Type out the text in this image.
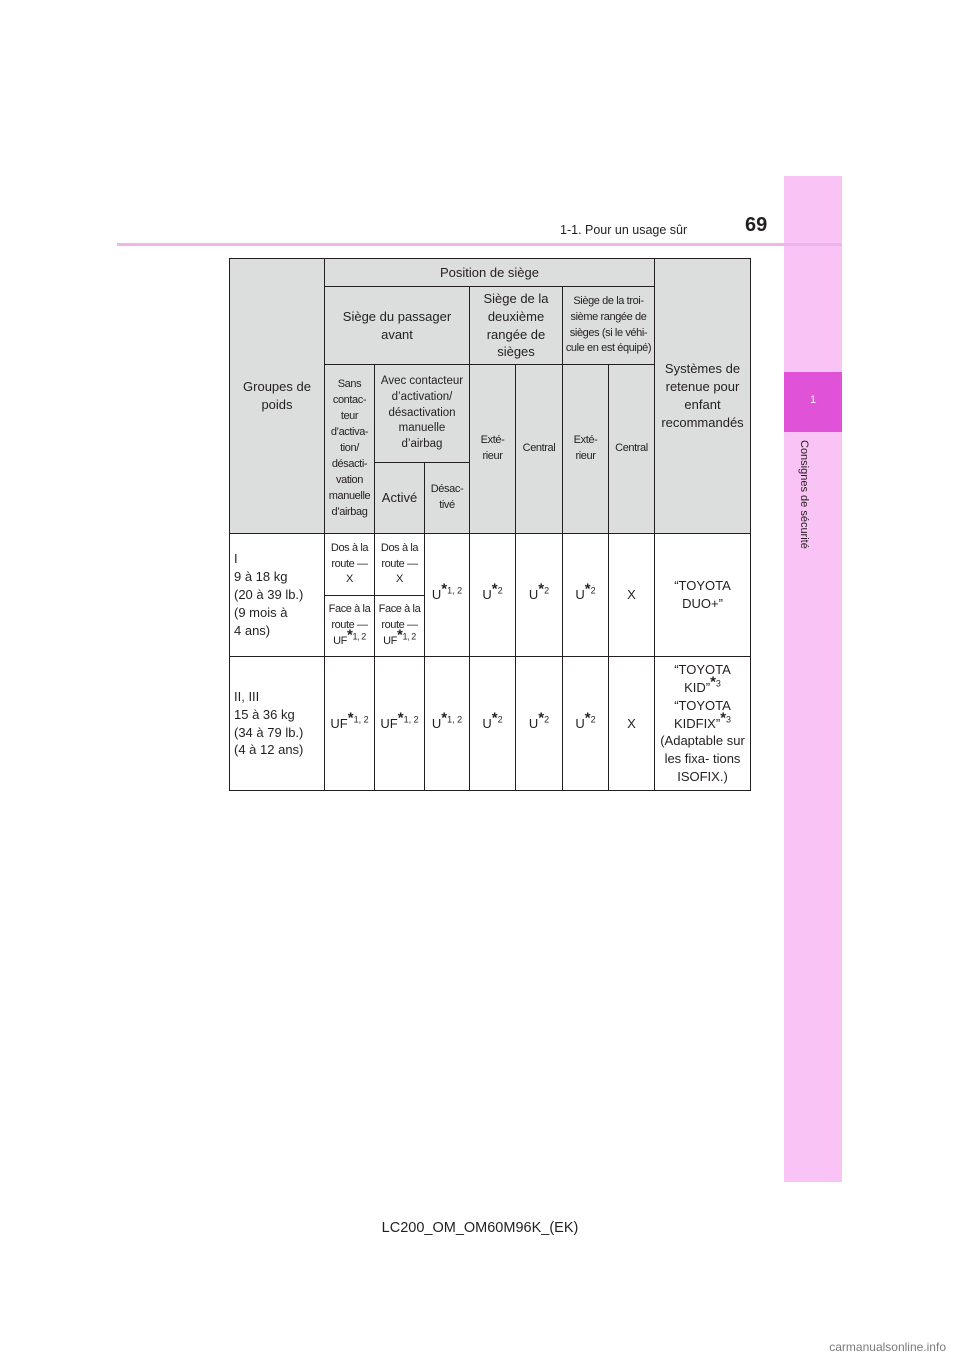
1
Consignes de sécurité
1-1. Pour un usage sûr	69
Groupes de poids	Position de siège							Systèmes de retenue pour enfant recommandés
	Siège du passager avant			Siège de la deuxième rangée de sièges		Siège de la troi- sième rangée de sièges (si le véhi- cule en est équipé)		
	Sans contac- teur d’activa- tion/ désacti- vation manuelle d’airbag	Avec contacteur d’activation/ désactivation manuelle d’airbag		Exté- rieur	Central	Exté- rieur	Central	
		Activé	Désac- tivé					

I
9 à 18 kg
(20 à 39 lb.)
(9 mois à
4 ans)	Dos à la route — X	Dos à la route — X	U*$^{1, 2}$	U*$^2$	U*$^2$	U*$^2$	X	“TOYOTA DUO+”
	Face à la route — UF*$^{1, 2}$	Face à la route — UF*$^{1, 2}$

II, III
15 à 36 kg
(34 à 79 lb.)
(4 à 12 ans)	UF*$^{1, 2}$	UF*$^{1, 2}$	U*$^{1, 2}$	U*$^2$	U*$^2$	U*$^2$	X	“TOYOTA KID”*$^3$
“TOYOTA KIDFIX”*$^3$
(Adaptable sur les fixa- tions ISOFIX.)
LC200_OM_OM60M96K_(EK)
carmanualsonline.info
